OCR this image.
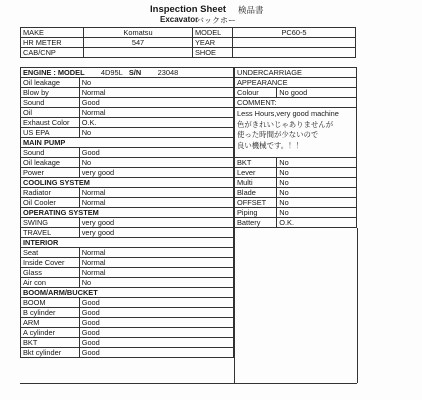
Inspection Sheet 検品書
Excavator
バックホー
MAKE	Komatsu	MODEL	PC60-5
HR METER	547	YEAR	
CAB/CNP		SHOE	
ENGINE : MODEL 4D95L S/N 23048	
Oil leakage	No
Blow by	Normal
Sound	Good
Oil	Normal
Exhaust Color	O.K.
US EPA	No
MAIN PUMP	
Sound	Good
Oil leakage	No
Power	very good
COOLING SYSTEM	
Radiator	Normal
Oil Cooler	Normal
OPERATING SYSTEM	
SWING	very good
TRAVEL	very good
INTERIOR	
Seat	Normal
Inside Cover	Normal
Glass	Normal
Air con	No
BOOM/ARM/BUCKET	
BOOM	Good
B cylinder	Good
ARM	Good
A cylinder	Good
BKT	Good
Bkt cylinder	Good
UNDERCARRIAGE	
APPEARANCE	
Colour	No good
COMMENT:	

Less Hours,very good machine
色がきれいじゃありませんが
使った時間が少ないので
良い機械です。！！	

BKT	No
Lever	No
Multi	No
Blade	No
OFFSET	No
Piping	No
Battery	O.K.
